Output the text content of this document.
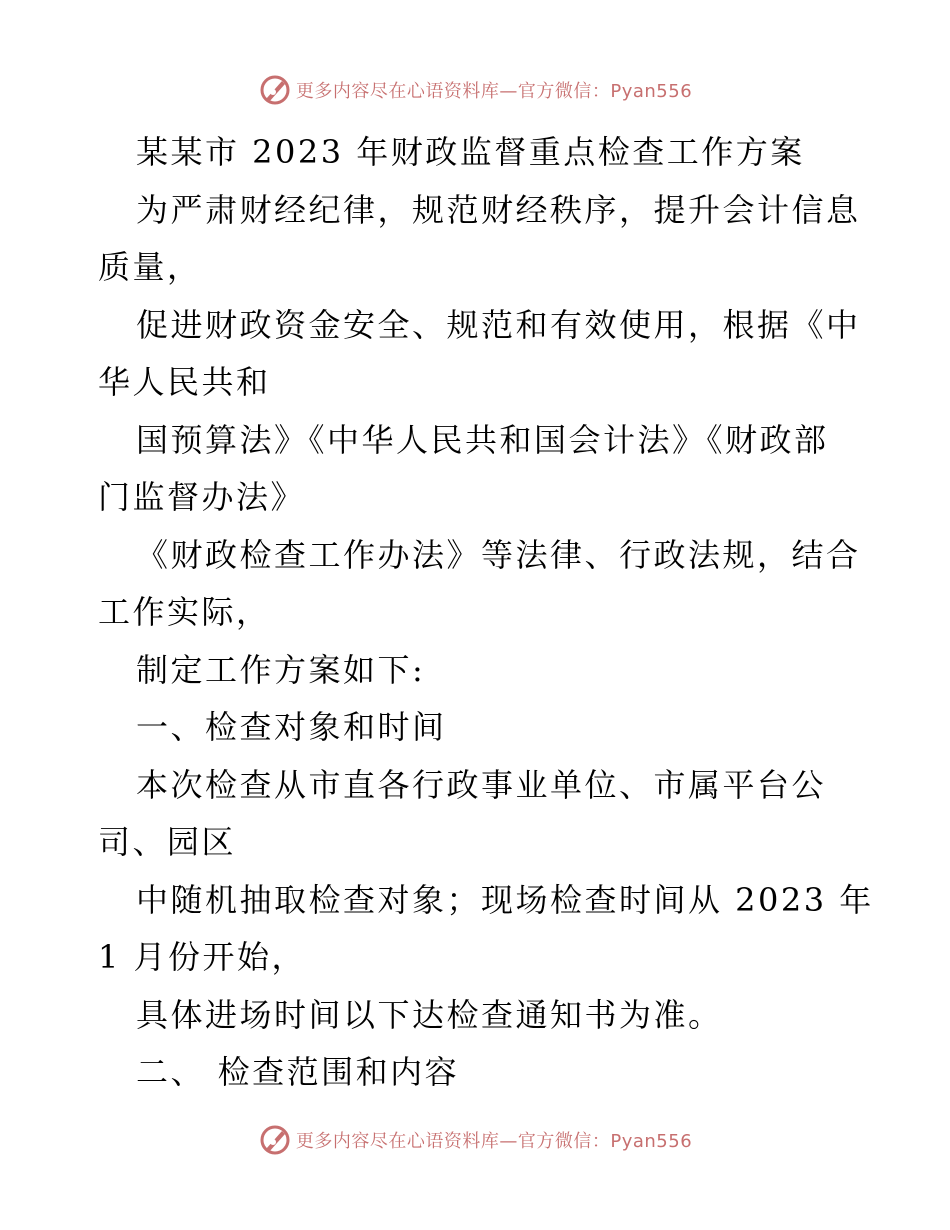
更多内容尽在心语资料库—官方微信：Pyan556
某某市 2023 年财政监督重点检查工作方案
为严肃财经纪律，规范财经秩序，提升会计信息
质量，
促进财政资金安全、规范和有效使用，根据《中
华人民共和
国预算法》《中华人民共和国会计法》《财政部
门监督办法》
《财政检查工作办法》等法律、行政法规，结合
工作实际，
制定工作方案如下:
一、检查对象和时间
本次检查从市直各行政事业单位、市属平台公
司、园区
中随机抽取检查对象；现场检查时间从 2023 年
1 月份开始，
具体进场时间以下达检查通知书为准。
二、 检查范围和内容
更多内容尽在心语资料库—官方微信：Pyan556
